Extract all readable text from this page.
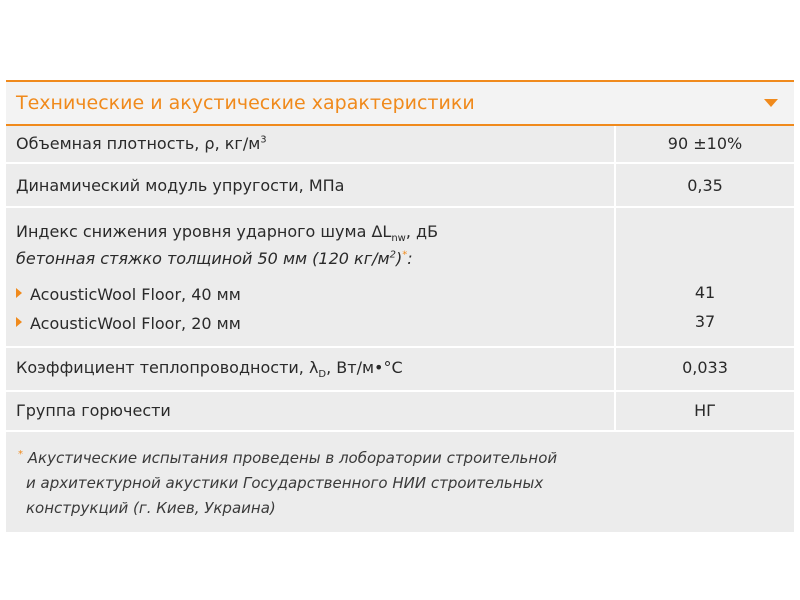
Технические и акустические характеристики
Объемная плотность, ρ, $кг/м^3$	90 ±10%
Динамический модуль упругости, МПа	0,35
Индекс снижения уровня ударного шума $\Delta L_{nw}$, дБ
бетонная стяжко толщиной 50 мм (120 $кг/м^2)^*$:
AcousticWool Floor, 40 мм	41
AcousticWool Floor, 20 мм	37
Коэффициент теплопроводности, $\lambda_D$, Вт/м•°С	0,033
Группа горючести	НГ
* Акустические испытания проведены в лоборатории строительной
и архитектурной акустики Государственного НИИ строительных
конструкций (г. Киев, Украина)
